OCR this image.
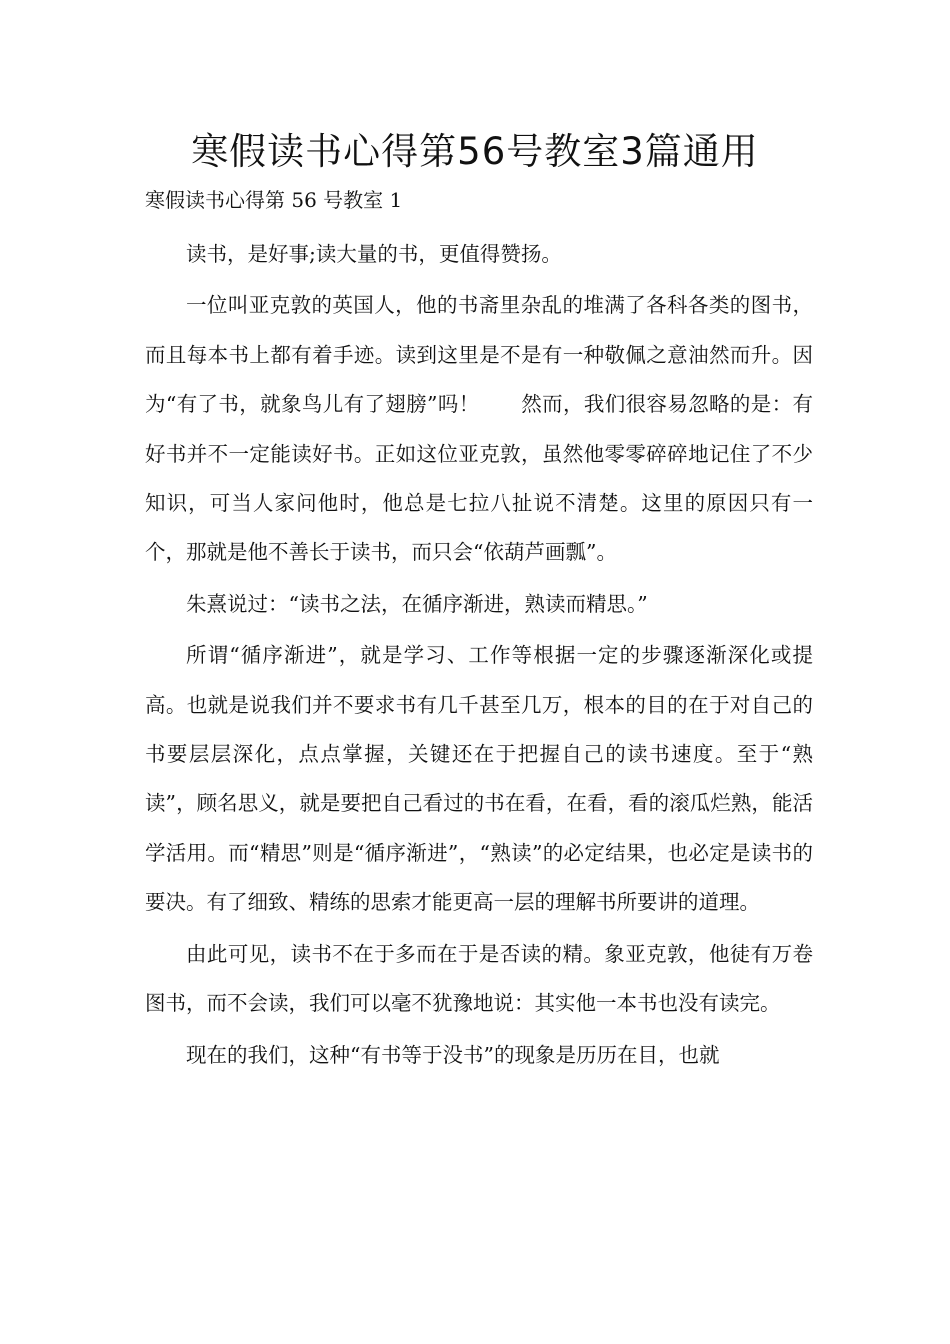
寒假读书心得第56号教室3篇通用

寒假读书心得第 56 号教室 1

读书，是好事;读大量的书，更值得赞扬。

一位叫亚克敦的英国人，他的书斋里杂乱的堆满了各科各类的图书，而且每本书上都有着手迹。读到这里是不是有一种敬佩之意油然而升。因为“有了书，就象鸟儿有了翅膀”吗！　　然而，我们很容易忽略的是：有好书并不一定能读好书。正如这位亚克敦，虽然他零零碎碎地记住了不少知识，可当人家问他时，他总是七拉八扯说不清楚。这里的原因只有一个，那就是他不善长于读书，而只会“依葫芦画瓢”。

朱熹说过：“读书之法，在循序渐进，熟读而精思。”

所谓“循序渐进”，就是学习、工作等根据一定的步骤逐渐深化或提高。也就是说我们并不要求书有几千甚至几万，根本的目的在于对自己的书要层层深化，点点掌握，关键还在于把握自己的读书速度。至于“熟读”，顾名思义，就是要把自己看过的书在看，在看，看的滚瓜烂熟，能活学活用。而“精思”则是“循序渐进”，“熟读”的必定结果，也必定是读书的要决。有了细致、精练的思索才能更高一层的理解书所要讲的道理。

由此可见，读书不在于多而在于是否读的精。象亚克敦，他徒有万卷图书，而不会读，我们可以毫不犹豫地说：其实他一本书也没有读完。

现在的我们，这种“有书等于没书”的现象是历历在目，也就
